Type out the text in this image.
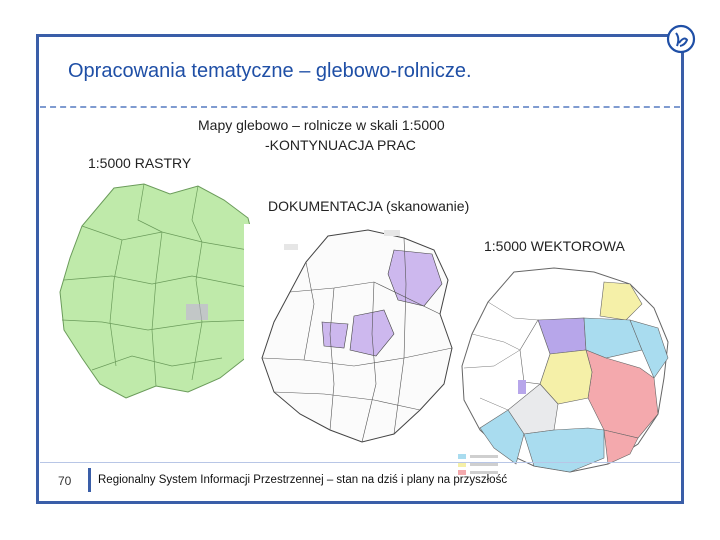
Opracowania tematyczne – glebowo-rolnicze.
Mapy glebowo – rolnicze w skali 1:5000
-KONTYNUACJA PRAC
1:5000 RASTRY
DOKUMENTACJA (skanowanie)
1:5000 WEKTOROWA
70 Regionalny System Informacji Przestrzennej – stan na dziś i plany na przyszłość
